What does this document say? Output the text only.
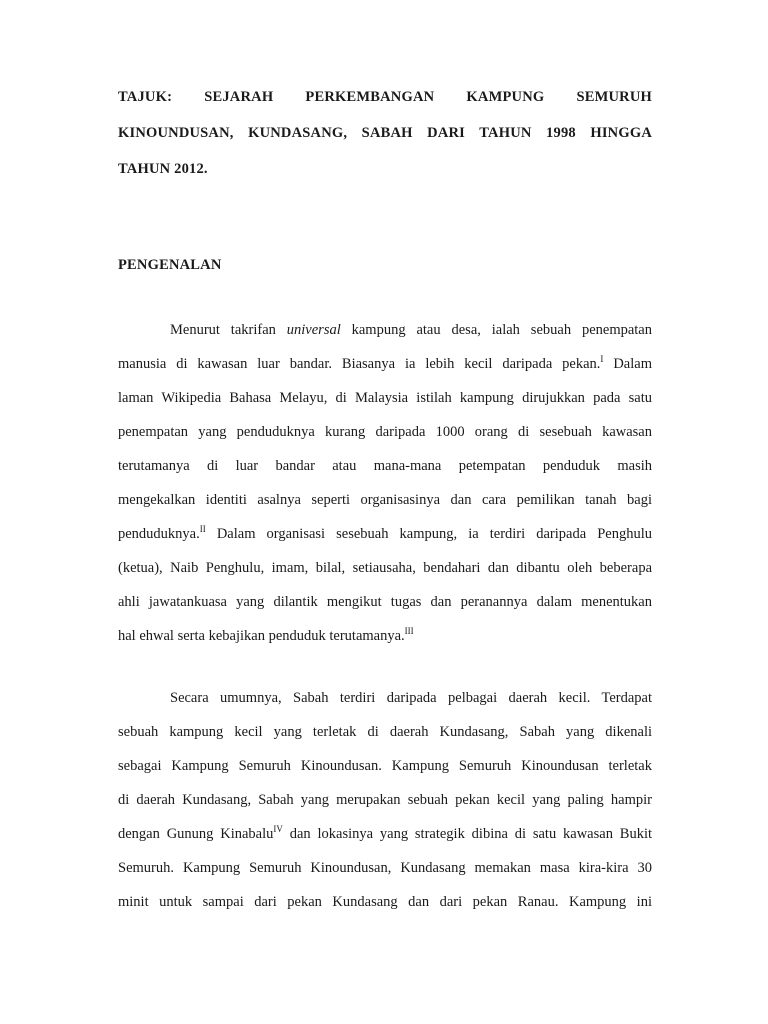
TAJUK: SEJARAH PERKEMBANGAN KAMPUNG SEMURUH
KINOUNDUSAN, KUNDASANG, SABAH DARI TAHUN 1998 HINGGA
TAHUN 2012.
PENGENALAN
Menurut takrifan universal kampung atau desa, ialah sebuah penempatan
manusia di kawasan luar bandar. Biasanya ia lebih kecil daripada pekan.$^I$ Dalam
laman Wikipedia Bahasa Melayu, di Malaysia istilah kampung dirujukkan pada satu
penempatan yang penduduknya kurang daripada 1000 orang di sesebuah kawasan
terutamanya di luar bandar atau mana-mana petempatan penduduk masih
mengekalkan identiti asalnya seperti organisasinya dan cara pemilikan tanah bagi
penduduknya.$^{II}$ Dalam organisasi sesebuah kampung, ia terdiri daripada Penghulu
(ketua), Naib Penghulu, imam, bilal, setiausaha, bendahari dan dibantu oleh beberapa
ahli jawatankuasa yang dilantik mengikut tugas dan peranannya dalam menentukan
hal ehwal serta kebajikan penduduk terutamanya.$^{III}$
Secara umumnya, Sabah terdiri daripada pelbagai daerah kecil. Terdapat
sebuah kampung kecil yang terletak di daerah Kundasang, Sabah yang dikenali
sebagai Kampung Semuruh Kinoundusan. Kampung Semuruh Kinoundusan terletak
di daerah Kundasang, Sabah yang merupakan sebuah pekan kecil yang paling hampir
dengan Gunung Kinabalu$^{IV}$ dan lokasinya yang strategik dibina di satu kawasan Bukit
Semuruh. Kampung Semuruh Kinoundusan, Kundasang memakan masa kira-kira 30
minit untuk sampai dari pekan Kundasang dan dari pekan Ranau. Kampung ini
